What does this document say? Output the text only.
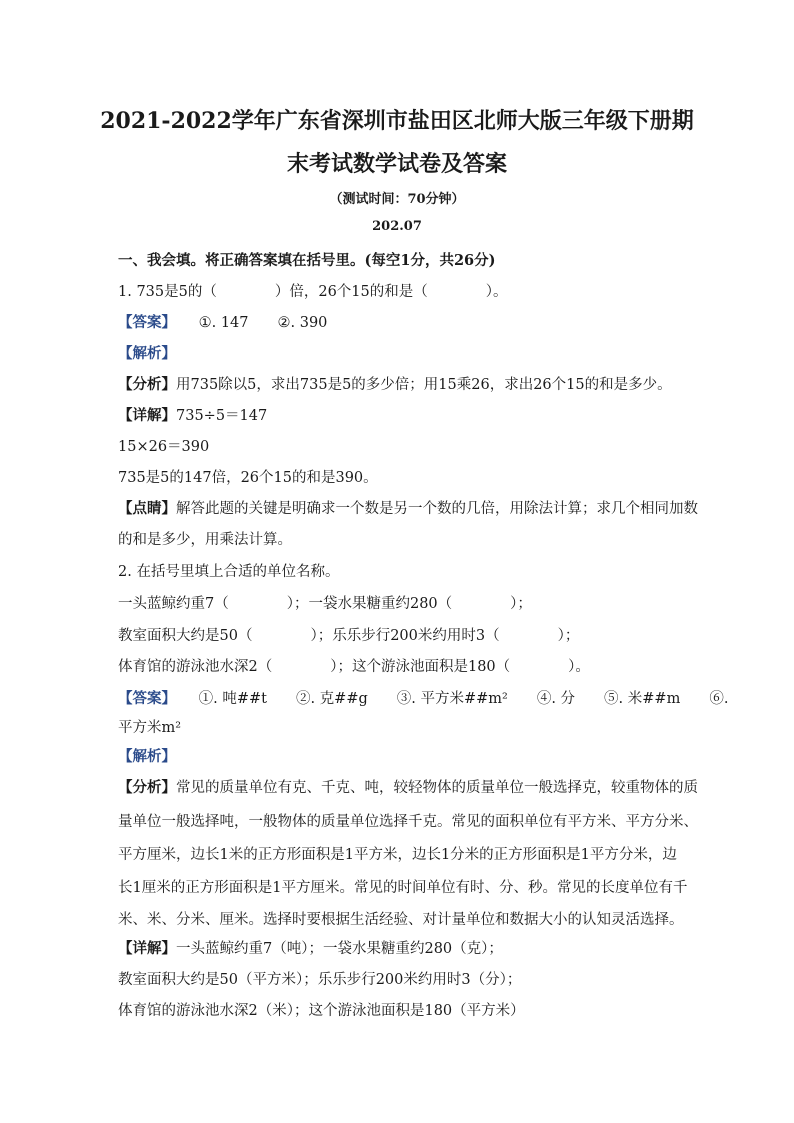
2021-2022学年广东省深圳市盐田区北师大版三年级下册期
末考试数学试卷及答案
（测试时间：70分钟）
202.07
一、我会填。将正确答案填在括号里。(每空1分，共26分)
1. 735是5的（　　　　）倍，26个15的和是（　　　　）。
【答案】 ①. 147　　②. 390
【解析】
【分析】用735除以5，求出735是5的多少倍；用15乘26，求出26个15的和是多少。
【详解】735÷5＝147
15×26＝390
735是5的147倍，26个15的和是390。
【点睛】解答此题的关键是明确求一个数是另一个数的几倍，用除法计算；求几个相同加数
的和是多少，用乘法计算。
2. 在括号里填上合适的单位名称。
一头蓝鲸约重7（　　　　）；一袋水果糖重约280（　　　　）；
教室面积大约是50（　　　　）；乐乐步行200米约用时3（　　　　）；
体育馆的游泳池水深2（　　　　）；这个游泳池面积是180（　　　　）。
【答案】 ①. 吨##t　　②. 克##g　　③. 平方米##m²　　④. 分　　⑤. 米##m　　⑥.
平方米m²
【解析】
【分析】常见的质量单位有克、千克、吨，较轻物体的质量单位一般选择克，较重物体的质
量单位一般选择吨，一般物体的质量单位选择千克。常见的面积单位有平方米、平方分米、
平方厘米，边长1米的正方形面积是1平方米，边长1分米的正方形面积是1平方分米，边
长1厘米的正方形面积是1平方厘米。常见的时间单位有时、分、秒。常见的长度单位有千
米、米、分米、厘米。选择时要根据生活经验、对计量单位和数据大小的认知灵活选择。
【详解】一头蓝鲸约重7（吨）；一袋水果糖重约280（克）；
教室面积大约是50（平方米）；乐乐步行200米约用时3（分）；
体育馆的游泳池水深2（米）；这个游泳池面积是180（平方米）
